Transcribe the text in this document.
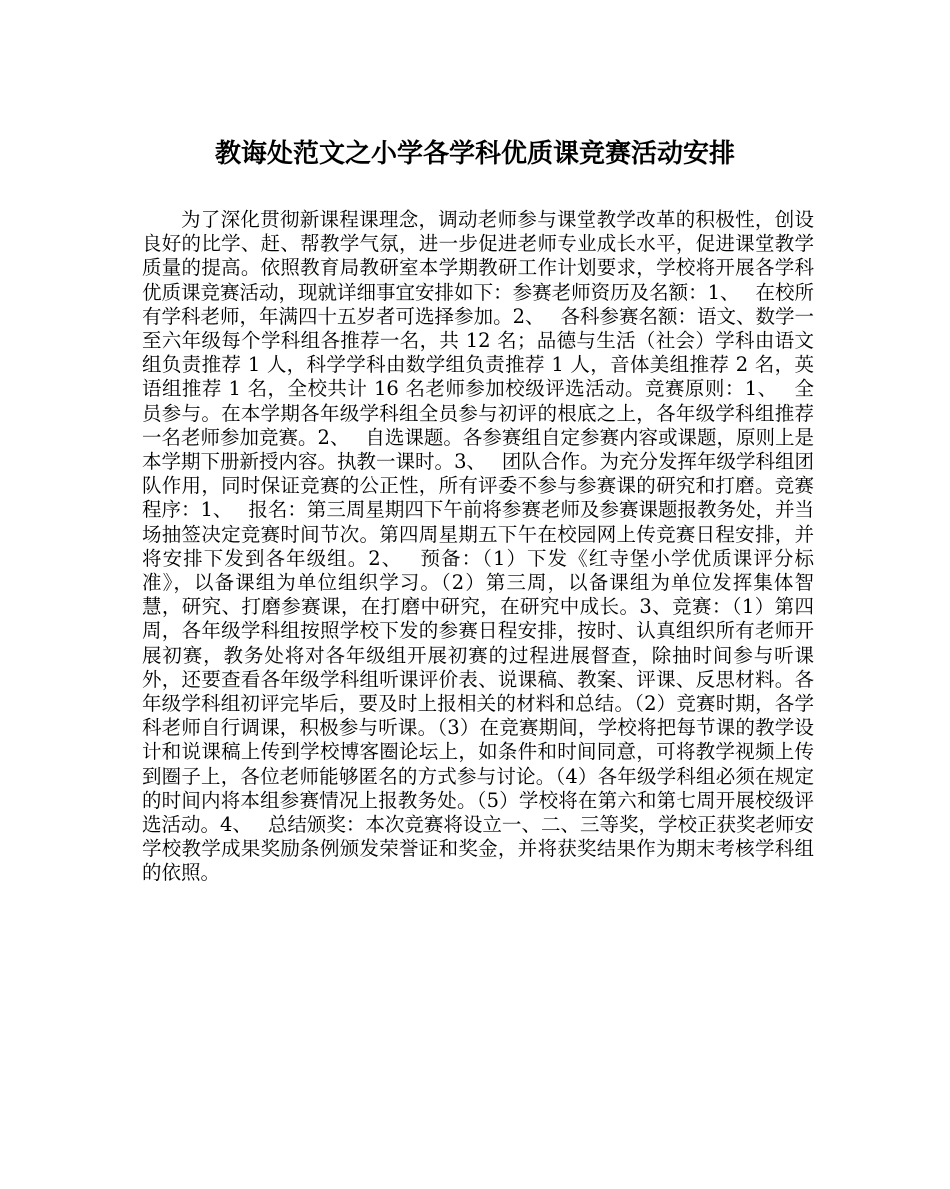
教诲处范文之小学各学科优质课竞赛活动安排

为了深化贯彻新课程课理念，调动老师参与课堂教学改革的积极性，创设良好的比学、赶、帮教学气氛，进一步促进老师专业成长水平，促进课堂教学质量的提高。依照教育局教研室本学期教研工作计划要求，学校将开展各学科优质课竞赛活动，现就详细事宜安排如下：参赛老师资历及名额：1、　 在校所有学科老师，年满四十五岁者可选择参加。2、　 各科参赛名额：语文、数学一至六年级每个学科组各推荐一名，共 12 名；品德与生活（社会）学科由语文组负责推荐 1 人，科学学科由数学组负责推荐 1 人，音体美组推荐 2 名，英语组推荐 1 名，全校共计 16 名老师参加校级评选活动。竞赛原则：1、　 全员参与。在本学期各年级学科组全员参与初评的根底之上，各年级学科组推荐一名老师参加竞赛。2、　 自选课题。各参赛组自定参赛内容或课题，原则上是本学期下册新授内容。执教一课时。3、　 团队合作。为充分发挥年级学科组团队作用，同时保证竞赛的公正性，所有评委不参与参赛课的研究和打磨。竞赛程序：1、　 报名：第三周星期四下午前将参赛老师及参赛课题报教务处，并当场抽签决定竞赛时间节次。第四周星期五下午在校园网上传竞赛日程安排，并将安排下发到各年级组。2、　 预备：（1）下发《红寺堡小学优质课评分标准》，以备课组为单位组织学习。（2）第三周，以备课组为单位发挥集体智慧，研究、打磨参赛课，在打磨中研究，在研究中成长。3、竞赛：（1）第四周，各年级学科组按照学校下发的参赛日程安排，按时、认真组织所有老师开展初赛，教务处将对各年级组开展初赛的过程进展督查，除抽时间参与听课外，还要查看各年级学科组听课评价表、说课稿、教案、评课、反思材料。各年级学科组初评完毕后，要及时上报相关的材料和总结。（2）竞赛时期，各学科老师自行调课，积极参与听课。（3）在竞赛期间，学校将把每节课的教学设计和说课稿上传到学校博客圈论坛上，如条件和时间同意，可将教学视频上传到圈子上，各位老师能够匿名的方式参与讨论。（4）各年级学科组必须在规定的时间内将本组参赛情况上报教务处。（5）学校将在第六和第七周开展校级评选活动。4、　 总结颁奖：本次竞赛将设立一、二、三等奖，学校正获奖老师安学校教学成果奖励条例颁发荣誉证和奖金，并将获奖结果作为期末考核学科组的依照。
